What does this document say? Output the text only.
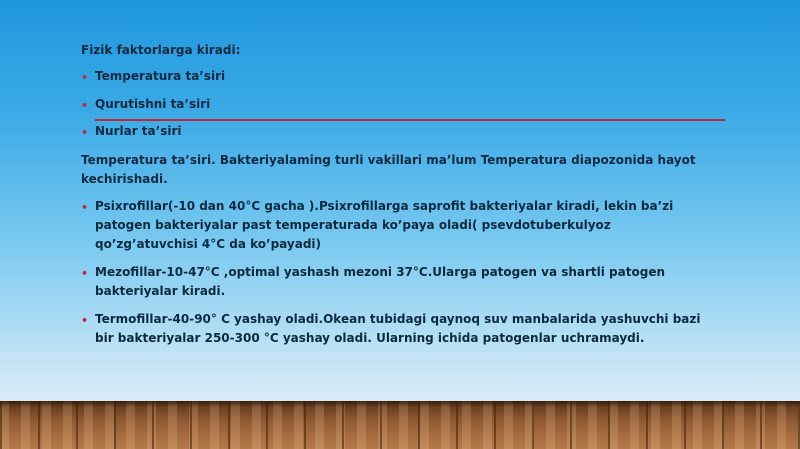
Fizik faktorlarga kiradi:
• Temperatura ta’siri
• Qurutishni ta’siri
• Nurlar ta’siri
Temperatura ta’siri. Bakteriyalaming turli vakillari ma’lum Temperatura diapozonida hayot kechirishadi.
• Psixrofillar(-10 dan 40°C gacha ).Psixrofillarga saprofit bakteriyalar kiradi, lekin ba’zi patogen bakteriyalar past temperaturada ko’paya oladi( psevdotuberkulyoz qo’zg’atuvchisi 4°C da ko’payadi)
• Mezofillar-10-47°C ,optimal yashash mezoni 37°C.Ularga patogen va shartli patogen bakteriyalar kiradi.
• Termofillar-40-90° C yashay oladi.Okean tubidagi qaynoq suv manbalarida yashuvchi bazi bir bakteriyalar 250-300 °C yashay oladi. Ularning ichida patogenlar uchramaydi.
